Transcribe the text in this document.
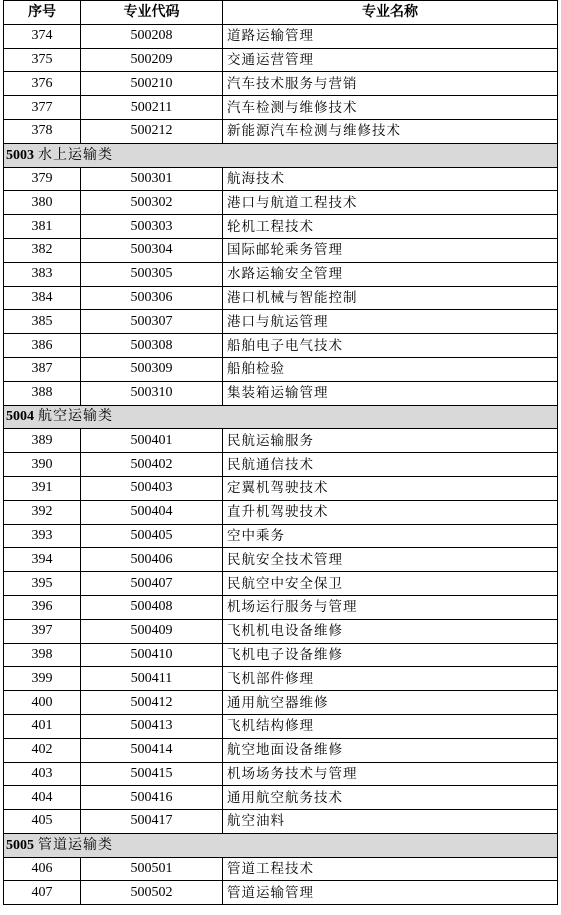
序号	专业代码	专业名称
374	500208	道路运输管理
375	500209	交通运营管理
376	500210	汽车技术服务与营销
377	500211	汽车检测与维修技术
378	500212	新能源汽车检测与维修技术
5003 水上运输类		
379	500301	航海技术
380	500302	港口与航道工程技术
381	500303	轮机工程技术
382	500304	国际邮轮乘务管理
383	500305	水路运输安全管理
384	500306	港口机械与智能控制
385	500307	港口与航运管理
386	500308	船舶电子电气技术
387	500309	船舶检验
388	500310	集装箱运输管理
5004 航空运输类		
389	500401	民航运输服务
390	500402	民航通信技术
391	500403	定翼机驾驶技术
392	500404	直升机驾驶技术
393	500405	空中乘务
394	500406	民航安全技术管理
395	500407	民航空中安全保卫
396	500408	机场运行服务与管理
397	500409	飞机机电设备维修
398	500410	飞机电子设备维修
399	500411	飞机部件修理
400	500412	通用航空器维修
401	500413	飞机结构修理
402	500414	航空地面设备维修
403	500415	机场场务技术与管理
404	500416	通用航空航务技术
405	500417	航空油料
5005 管道运输类		
406	500501	管道工程技术
407	500502	管道运输管理
